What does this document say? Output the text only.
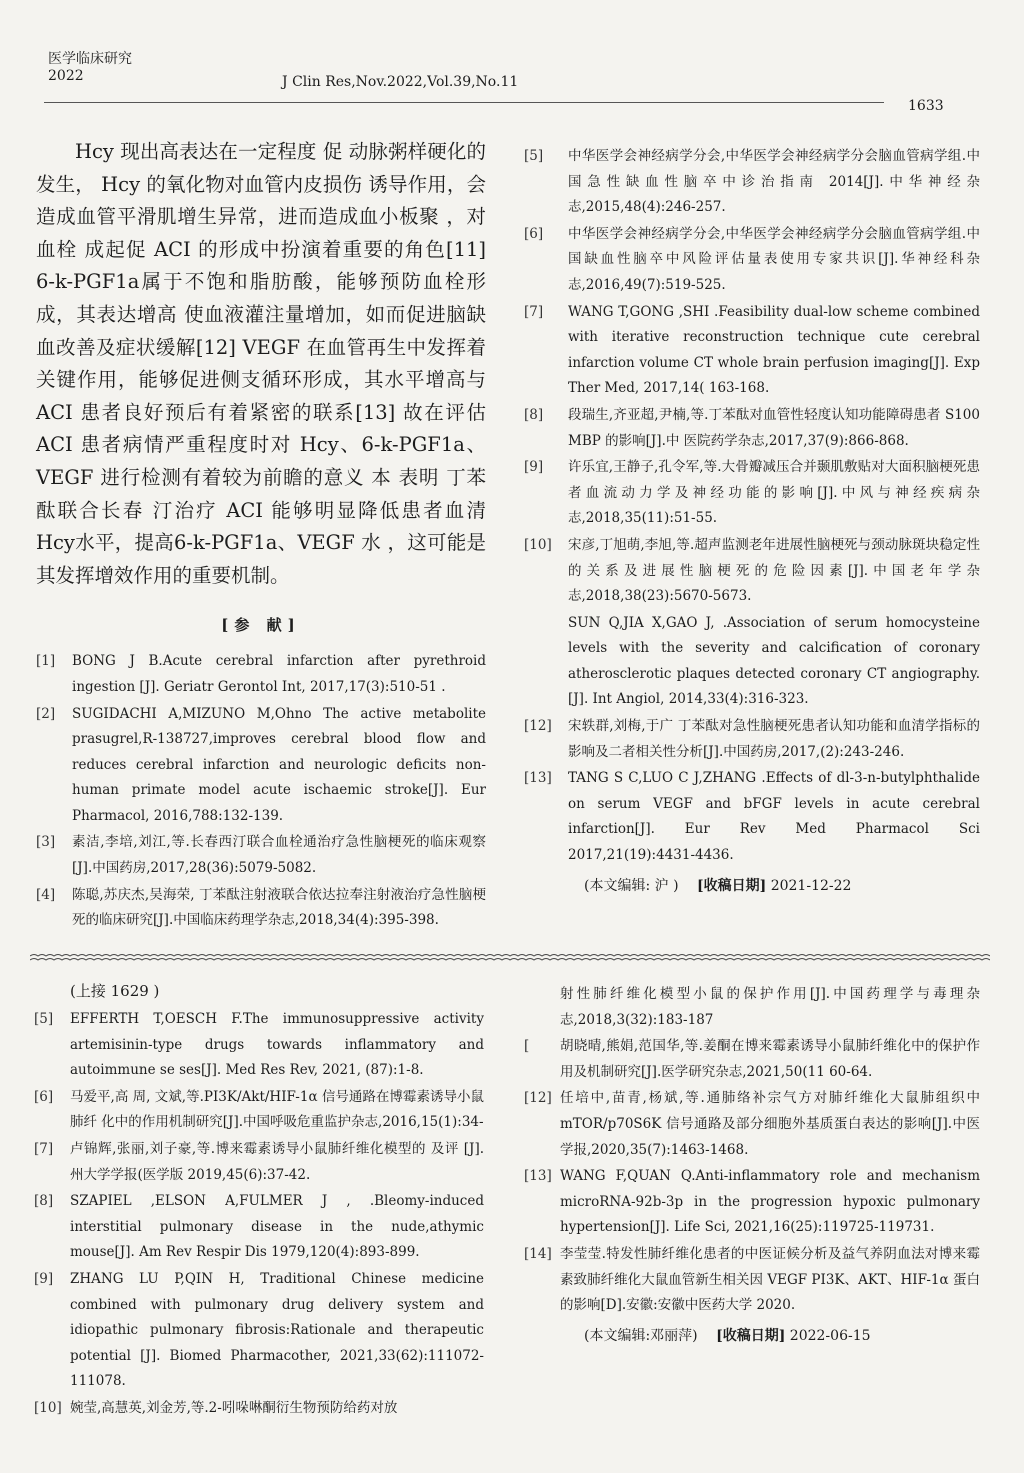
医学临床研究
2022	J Clin Res,Nov.2022,Vol.39,No.11
1633

Hcy 现出高表达在一定程度 促 动脉粥样硬化的发生， Hcy 的氧化物对血管内皮损伤 诱导作用，会造成血管平滑肌增生异常，进而造成血小板聚 ，对血栓 成起促 ACI 的形成中扮演着重要的角色[11] 6-k-PGF1a属于不饱和脂肪酸，能够预防血栓形成，其表达增高 使血液灌注量增加，如而促进脑缺血改善及症状缓解[12] VEGF 在血管再生中发挥着关键作用，能够促进侧支循环形成，其水平增高与 ACI 患者良好预后有着紧密的联系[13] 故在评估 ACI 患者病情严重程度时对 Hcy、6-k-PGF1a、VEGF 进行检测有着较为前瞻的意义 本 表明 丁苯酞联合长春 汀治疗 ACI 能够明显降低患者血清 Hcy水平，提高6-k-PGF1a、VEGF 水 ，这可能是其发挥增效作用的重要机制。

[参 献]
[1] BONG J B.Acute cerebral infarction after pyrethroid ingestion [J]. Geriatr Gerontol Int, 2017,17(3):510-51 .
[2] SUGIDACHI A,MIZUNO M,Ohno The active metabolite prasugrel,R-138727,improves cerebral blood flow and reduces cerebral infarction and neurologic deficits non-human primate model acute ischaemic stroke[J]. Eur Pharmacol, 2016,788:132-139.
[3] 素洁,李培,刘江,等.长春西汀联合血栓通治疗急性脑梗死的临床观察[J].中国药房,2017,28(36):5079-5082.
[4] 陈聪,苏庆杰,吴海荣, 丁苯酞注射液联合依达拉奉注射液治疗急性脑梗死的临床研究[J].中国临床药理学杂志,2018,34(4):395-398.
[5] 中华医学会神经病学分会,中华医学会神经病学分会脑血管病学组.中国急性缺血性脑卒中诊治指南 2014[J].中华神经杂志,2015,48(4):246-257.
[6] 中华医学会神经病学分会,中华医学会神经病学分会脑血管病学组.中国缺血性脑卒中风险评估量表使用专家共识[J].华神经科杂志,2016,49(7):519-525.
[7] WANG T,GONG ,SHI .Feasibility dual-low scheme combined with iterative reconstruction technique cute cerebral infarction volume CT whole brain perfusion imaging[J]. Exp Ther Med, 2017,14( 163-168.
[8] 段瑞生,齐亚超,尹楠,等.丁苯酞对血管性轻度认知功能障碍患者 S100 MBP 的影响[J].中 医院药学杂志,2017,37(9):866-868.
[9] 许乐宜,王静子,孔令军,等.大骨瓣减压合并颞肌敷贴对大面积脑梗死患者血流动力学及神经功能的影响[J].中风与神经疾病杂志,2018,35(11):51-55.
[10] 宋彦,丁旭萌,李旭,等.超声监测老年进展性脑梗死与颈动脉斑块稳定性的关系及进展性脑梗死的危险因素[J].中国老年学杂志,2018,38(23):5670-5673.
SUN Q,JIA X,GAO J, .Association of serum homocysteine levels with the severity and calcification of coronary atherosclerotic plaques detected coronary CT angiography. [J]. Int Angiol, 2014,33(4):316-323.
[12] 宋轶群,刘梅,于广 丁苯酞对急性脑梗死患者认知功能和血清学指标的影响及二者相关性分析[J].中国药房,2017,(2):243-246.
[13] TANG S C,LUO C J,ZHANG .Effects of dl-3-n-butylphthalide on serum VEGF and bFGF levels in acute cerebral infarction[J]. Eur Rev Med Pharmacol Sci 2017,21(19):4431-4436.
(本文编辑: 沪 ) [收稿日期] 2021-12-22
(上接 1629 )
[5] EFFERTH T,OESCH F.The immunosuppressive activity artemisinin-type drugs towards inflammatory and autoimmune se ses[J]. Med Res Rev, 2021, (87):1-8.
[6] 马爱平,高 周, 文斌,等.PI3K/Akt/HIF-1α 信号通路在博霉素诱导小鼠肺纤 化中的作用机制研究[J].中国呼吸危重监护杂志,2016,15(1):34-
[7] 卢锦辉,张丽,刘子豪,等.博来霉素诱导小鼠肺纤维化模型的 及评 [J]. 州大学学报(医学版 2019,45(6):37-42.
[8] SZAPIEL ,ELSON A,FULMER J , .Bleomy-induced interstitial pulmonary disease in the nude,athymic mouse[J]. Am Rev Respir Dis 1979,120(4):893-899.
[9] ZHANG LU P,QIN H, Traditional Chinese medicine combined with pulmonary drug delivery system and idiopathic pulmonary fibrosis:Rationale and therapeutic potential [J]. Biomed Pharmacother, 2021,33(62):111072-111078.
[10] 婉莹,高慧英,刘金芳,等.2-吲哚啉酮衍生物预防给药对放
射性肺纤维化模型小鼠的保护作用[J].中国药理学与毒理杂志,2018,3(32):183-187
[ 胡晓晴,熊娟,范国华,等.姜酮在博来霉素诱导小鼠肺纤维化中的保护作用及机制研究[J].医学研究杂志,2021,50(11 60-64.
[12] 任培中,苗青,杨斌,等.通肺络补宗气方对肺纤维化大鼠肺组织中 mTOR/p70S6K 信号通路及部分细胞外基质蛋白表达的影响[J].中医学报,2020,35(7):1463-1468.
[13] WANG F,QUAN Q.Anti-inflammatory role and mechanism microRNA-92b-3p in the progression hypoxic pulmonary hypertension[J]. Life Sci, 2021,16(25):119725-119731.
[14] 李莹莹.特发性肺纤维化患者的中医证候分析及益气养阴血法对博来霉素致肺纤维化大鼠血管新生相关因 VEGF PI3K、AKT、HIF-1α 蛋白的影响[D].安徽:安徽中医药大学 2020.
(本文编辑:邓丽萍) [收稿日期] 2022-06-15
